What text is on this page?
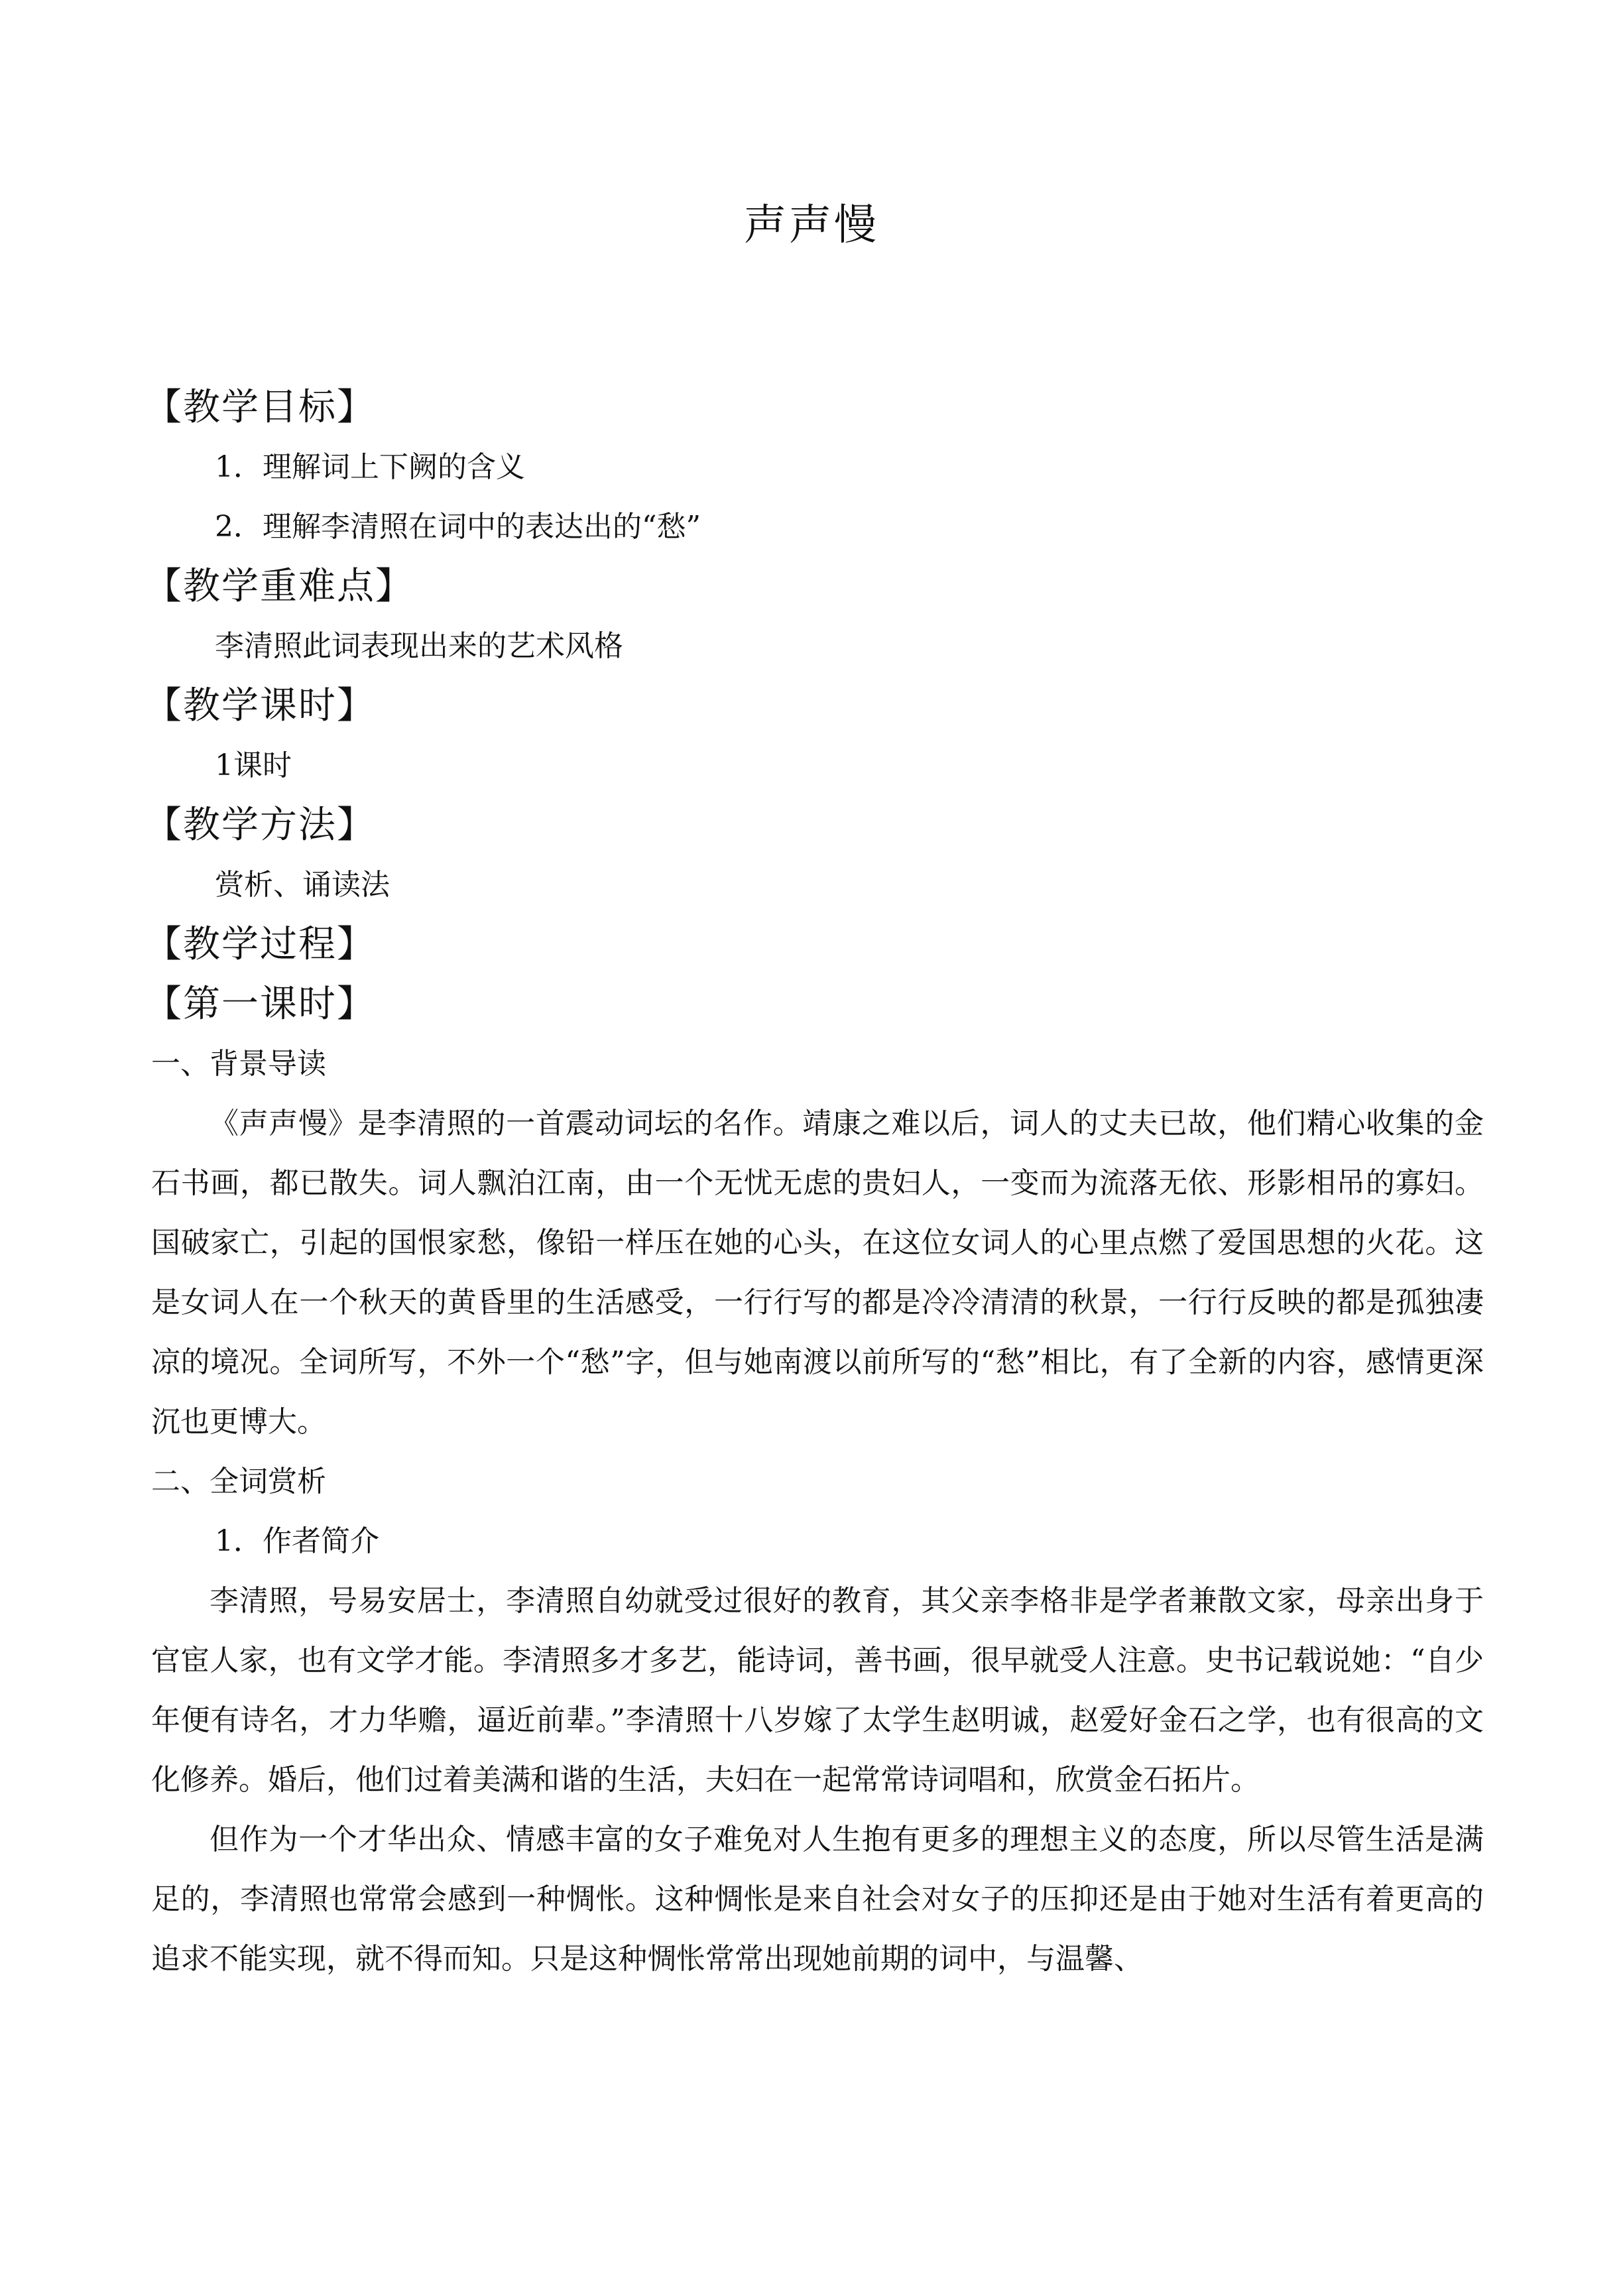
声声慢
【教学目标】
1．理解词上下阙的含义
2．理解李清照在词中的表达出的“愁”
【教学重难点】
李清照此词表现出来的艺术风格
【教学课时】
1课时
【教学方法】
赏析、诵读法
【教学过程】
【第一课时】
一、背景导读

《声声慢》是李清照的一首震动词坛的名作。靖康之难以后，词人的丈夫已故，他们精心收集的金石书画，都已散失。词人飘泊江南，由一个无忧无虑的贵妇人，一变而为流落无依、形影相吊的寡妇。国破家亡，引起的国恨家愁，像铅一样压在她的心头，在这位女词人的心里点燃了爱国思想的火花。这是女词人在一个秋天的黄昏里的生活感受，一行行写的都是冷冷清清的秋景，一行行反映的都是孤独凄凉的境况。全词所写，不外一个“愁”字，但与她南渡以前所写的“愁”相比，有了全新的内容，感情更深沉也更博大。

二、全词赏析
1．作者简介

李清照，号易安居士，李清照自幼就受过很好的教育，其父亲李格非是学者兼散文家，母亲出身于官宦人家，也有文学才能。李清照多才多艺，能诗词，善书画，很早就受人注意。史书记载说她：“自少年便有诗名，才力华赡，逼近前辈。”李清照十八岁嫁了太学生赵明诚，赵爱好金石之学，也有很高的文化修养。婚后，他们过着美满和谐的生活，夫妇在一起常常诗词唱和，欣赏金石拓片。

但作为一个才华出众、情感丰富的女子难免对人生抱有更多的理想主义的态度，所以尽管生活是满足的，李清照也常常会感到一种惆怅。这种惆怅是来自社会对女子的压抑还是由于她对生活有着更高的追求不能实现，就不得而知。只是这种惆怅常常出现她前期的词中，与温馨、
